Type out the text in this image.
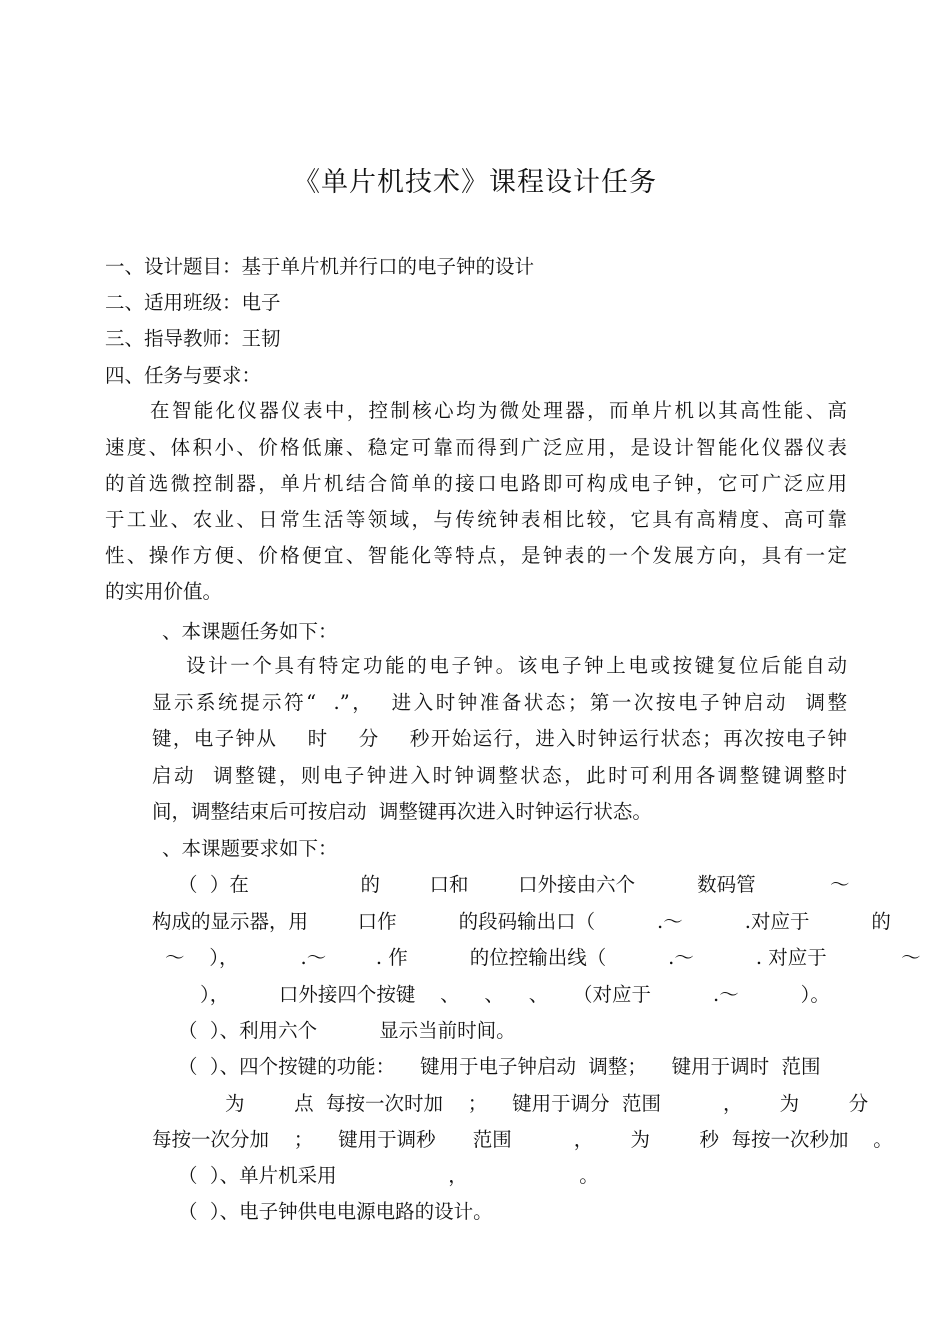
《单片机技术》课程设计任务
一、设计题目：基于单片机并行口的电子钟的设计
二、适用班级：电子
三、指导教师：王韧
四、任务与要求：
在智能化仪器仪表中，控制核心均为微处理器，而单片机以其高性能、高
速度、体积小、价格低廉、稳定可靠而得到广泛应用，是设计智能化仪器仪表
的首选微控制器，单片机结合简单的接口电路即可构成电子钟，它可广泛应用
于工业、农业、日常生活等领域，与传统钟表相比较，它具有高精度、高可靠
性、操作方便、价格便宜、智能化等特点，是钟表的一个发展方向，具有一定
的实用价值。
、本课题任务如下：
设计一个具有特定功能的电子钟。该电子钟上电或按键复位后能自动
显示系统提示符“  .”，  进入时钟准备状态；第一次按电子钟启动  调整
键，电子钟从    时    分    秒开始运行，进入时钟运行状态；再次按电子钟
启动  调整键，则电子钟进入时钟调整状态，此时可利用各调整键调整时
间，调整结束后可按启动  调整键再次进入时钟运行状态。
、本课题要求如下：
（  ）在                  的        口和        口外接由六个          数码管            ～
构成的显示器，用        口作          的段码输出口（          .～          .对应于          的
～    ），          .～        . 作          的位控输出线（          .～          . 对应于            ～
），        口外接四个按键    、    、    、    （对应于          .～          ）。
（  ）、利用六个          显示当前时间。
（  ）、四个按键的功能：    键用于电子钟启动  调整；    键用于调时  范围
为        点  每按一次时加    ；    键用于调分  范围          ，      为        分
每按一次分加    ；    键用于调秒      范围          ，      为        秒  每按一次秒加    。
（  ）、单片机采用                  ，                  。
（  ）、电子钟供电电源电路的设计。
